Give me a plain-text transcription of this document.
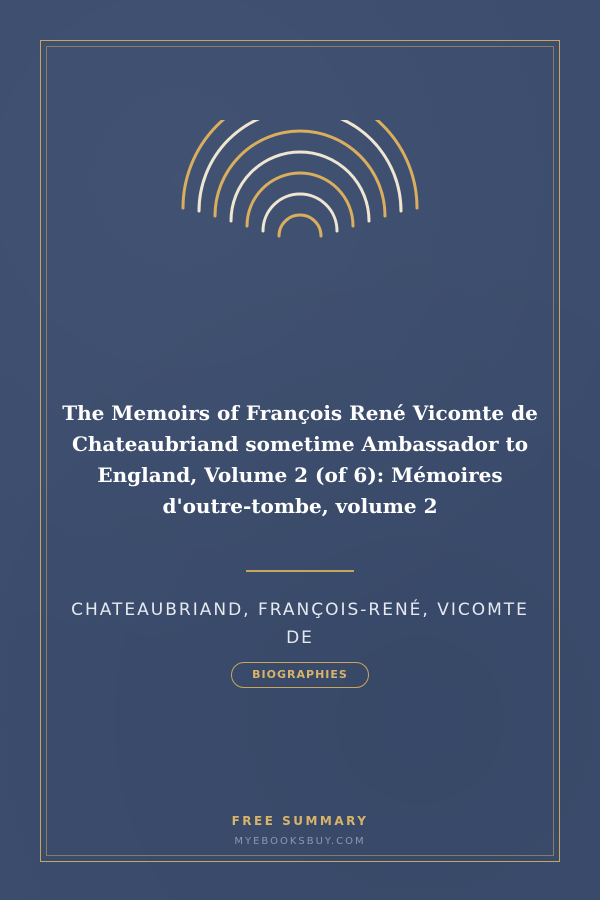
The Memoirs of François René Vicomte de Chateaubriand sometime Ambassador to England, Volume 2 (of 6): Mémoires d'outre-tombe, volume 2

CHATEAUBRIAND, FRANÇOIS-RENÉ, VICOMTE DE

BIOGRAPHIES
FREE SUMMARY
MYEBOOKSBUY.COM
